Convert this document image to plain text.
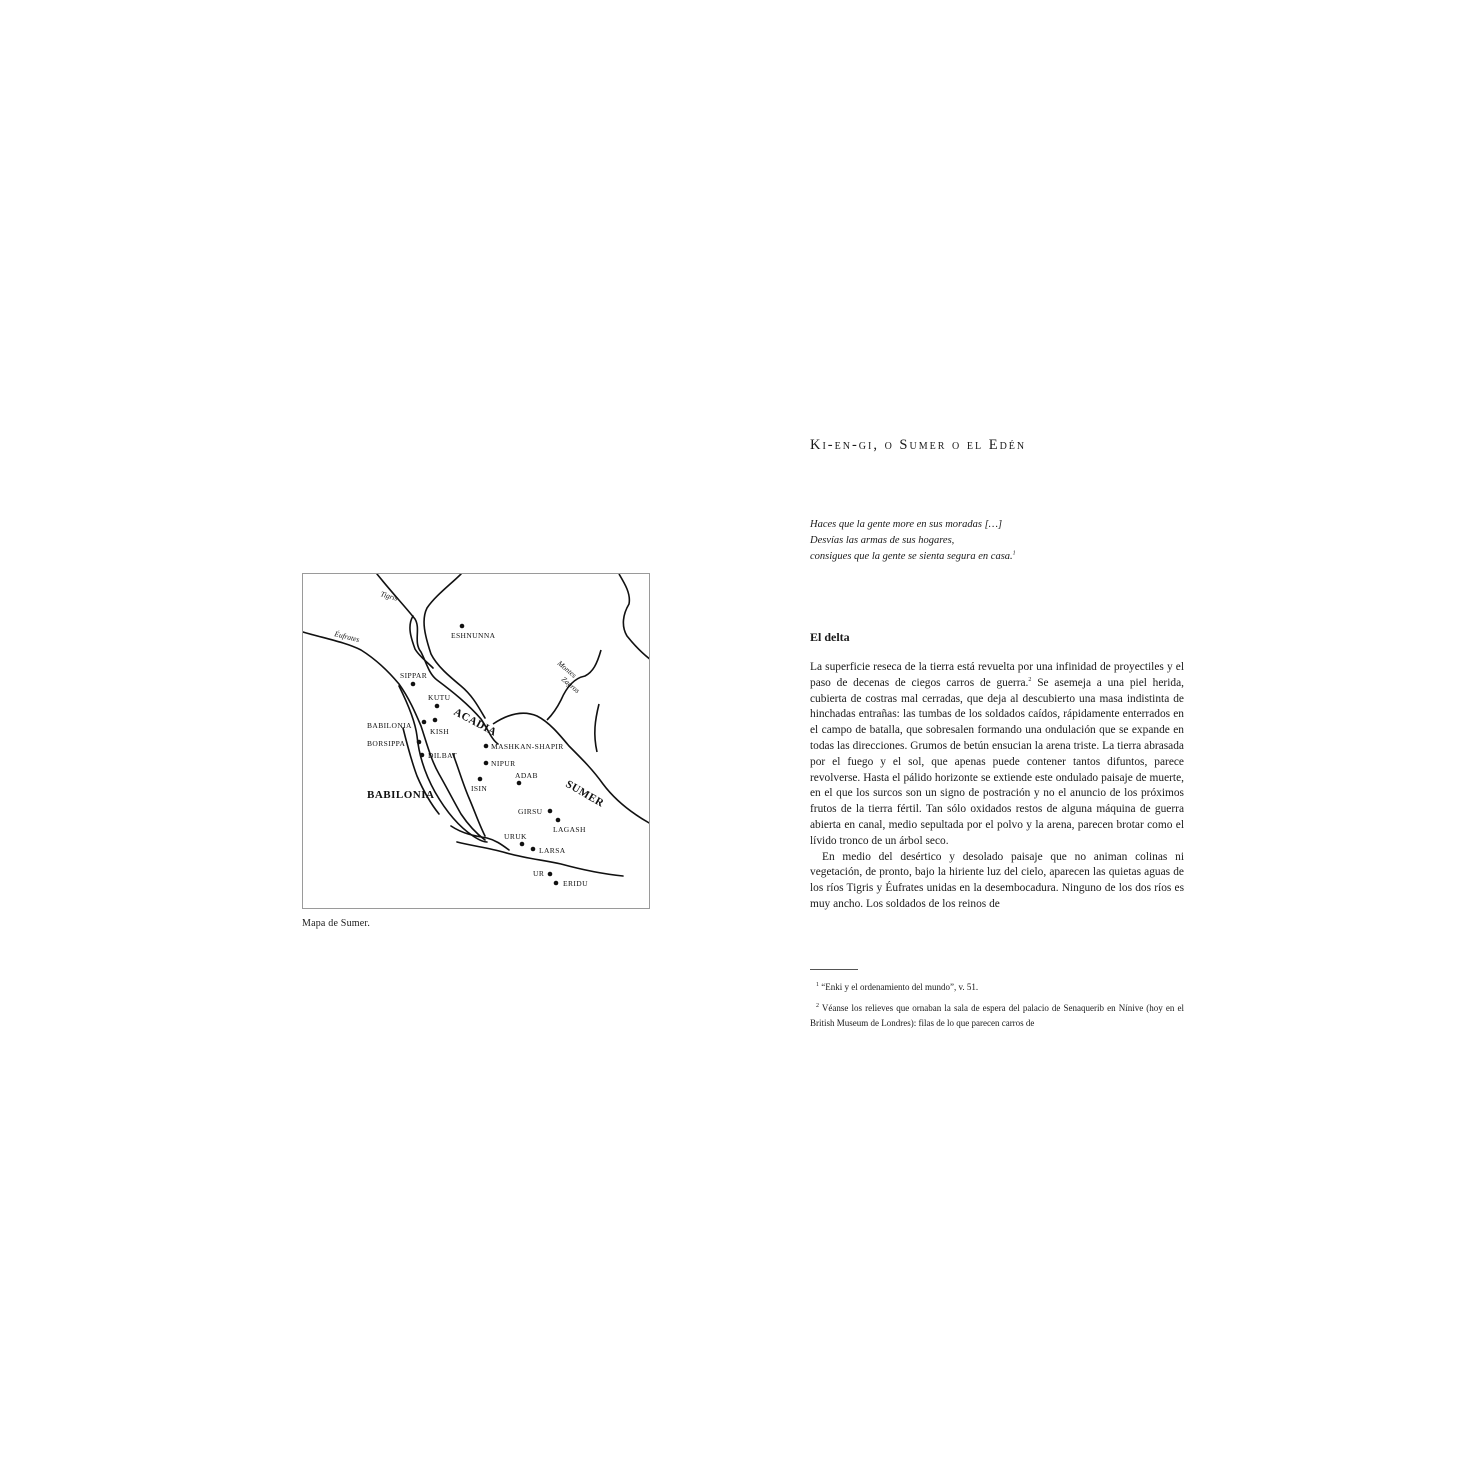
Tigris
Éufrates
Montes
Zagros
ACADIA
BABILONIA	SUMER
ESHNUNNA
SIPPAR
KUTU
BABILONIA
KISH
BORSIPPA
DILBAT
MASHKAN-SHAPIR
NIPUR
ADAB
ISIN
GIRSU
LAGASH
URUK
LARSA
UR
ERIDU
Mapa de Sumer.
Ki-en-gi, o Sumer o el Edén
Haces que la gente more en sus moradas […]
Desvías las armas de sus hogares,
consigues que la gente se sienta segura en casa.$^1$
El delta

La superficie reseca de la tierra está revuelta por una infinidad de proyectiles y el paso de decenas de ciegos carros de guerra.$^2$ Se asemeja a una piel herida, cubierta de costras mal cerradas, que deja al descubierto una masa indistinta de hinchadas entrañas: las tumbas de los soldados caídos, rápidamente enterrados en el campo de batalla, que sobresalen formando una ondulación que se expande en todas las direcciones. Grumos de betún ensucian la arena triste. La tierra abrasada por el fuego y el sol, que apenas puede contener tantos difuntos, parece revolverse. Hasta el pálido horizonte se extiende este ondulado paisaje de muerte, en el que los surcos son un signo de postración y no el anuncio de los próximos frutos de la tierra fértil. Tan sólo oxidados restos de alguna máquina de guerra abierta en canal, medio sepultada por el polvo y la arena, parecen brotar como el lívido tronco de un árbol seco.

En medio del desértico y desolado paisaje que no animan colinas ni vegetación, de pronto, bajo la hiriente luz del cielo, aparecen las quietas aguas de los ríos Tigris y Éufrates unidas en la desembocadura. Ninguno de los dos ríos es muy ancho. Los soldados de los reinos de

$^1$ “Enki y el ordenamiento del mundo”, v. 51.

$^2$ Véanse los relieves que ornaban la sala de espera del palacio de Senaquerib en Nínive (hoy en el British Museum de Londres): filas de lo que parecen carros de
